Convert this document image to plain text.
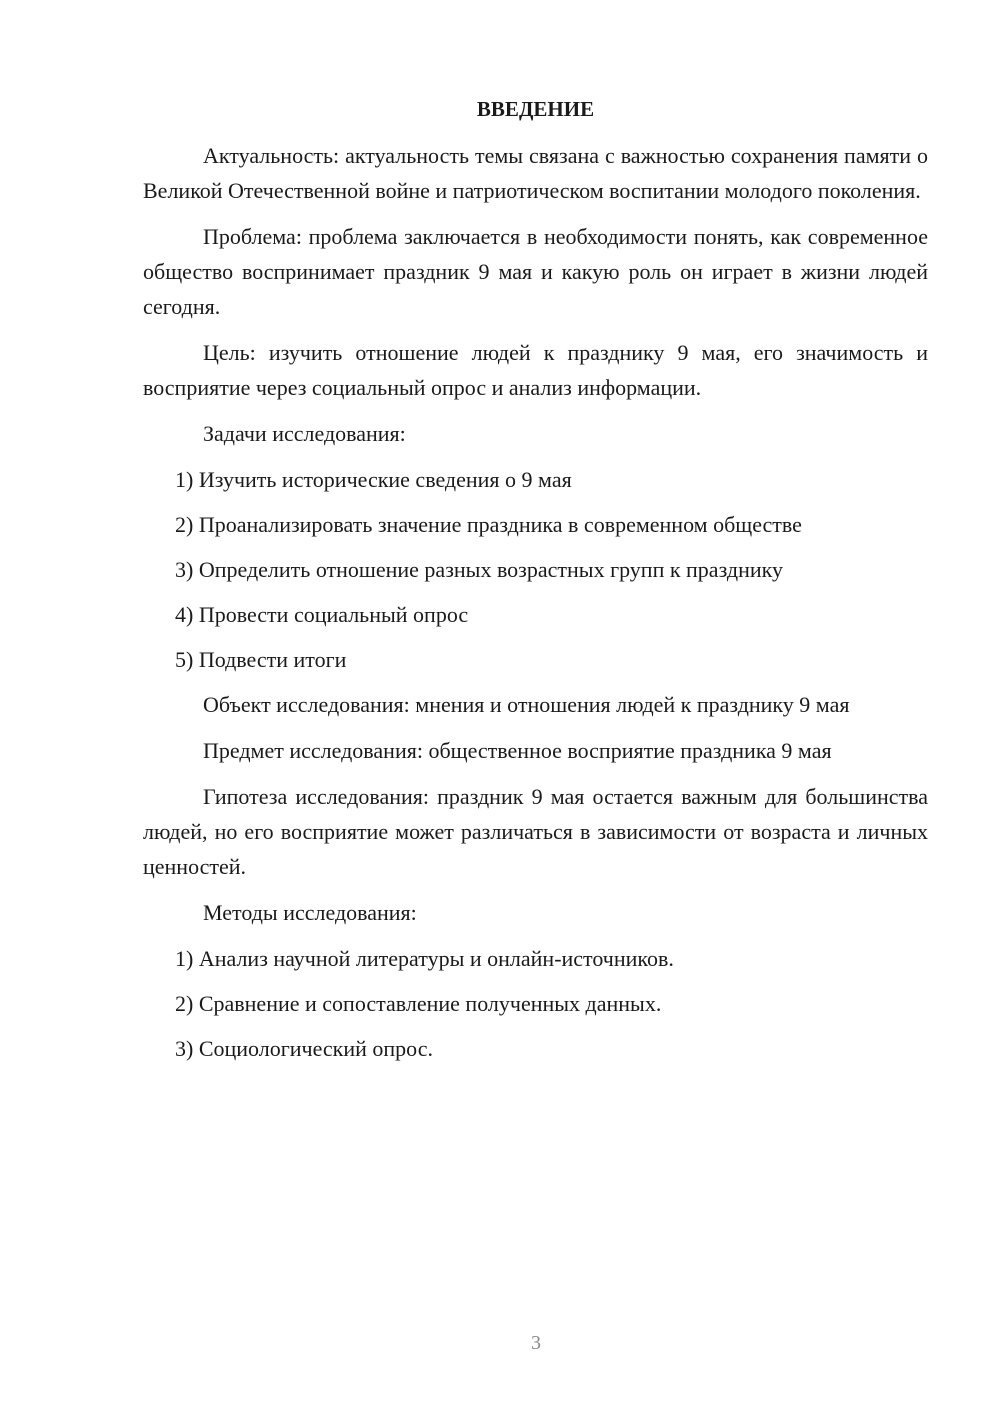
ВВЕДЕНИЕ

Актуальность: актуальность темы связана с важностью сохранения памяти о Великой Отечественной войне и патриотическом воспитании молодого поколения.

Проблема: проблема заключается в необходимости понять, как современное общество воспринимает праздник 9 мая и какую роль он играет в жизни людей сегодня.

Цель: изучить отношение людей к празднику 9 мая, его значимость и восприятие через социальный опрос и анализ информации.

Задачи исследования:

1) Изучить исторические сведения о 9 мая

2) Проанализировать значение праздника в современном обществе

3) Определить отношение разных возрастных групп к празднику

4) Провести социальный опрос

5) Подвести итоги

Объект исследования: мнения и отношения людей к празднику 9 мая

Предмет исследования: общественное восприятие праздника 9 мая

Гипотеза исследования: праздник 9 мая остается важным для большинства людей, но его восприятие может различаться в зависимости от возраста и личных ценностей.

Методы исследования:

1) Анализ научной литературы и онлайн-источников.

2) Сравнение и сопоставление полученных данных.

3) Социологический опрос.

3
